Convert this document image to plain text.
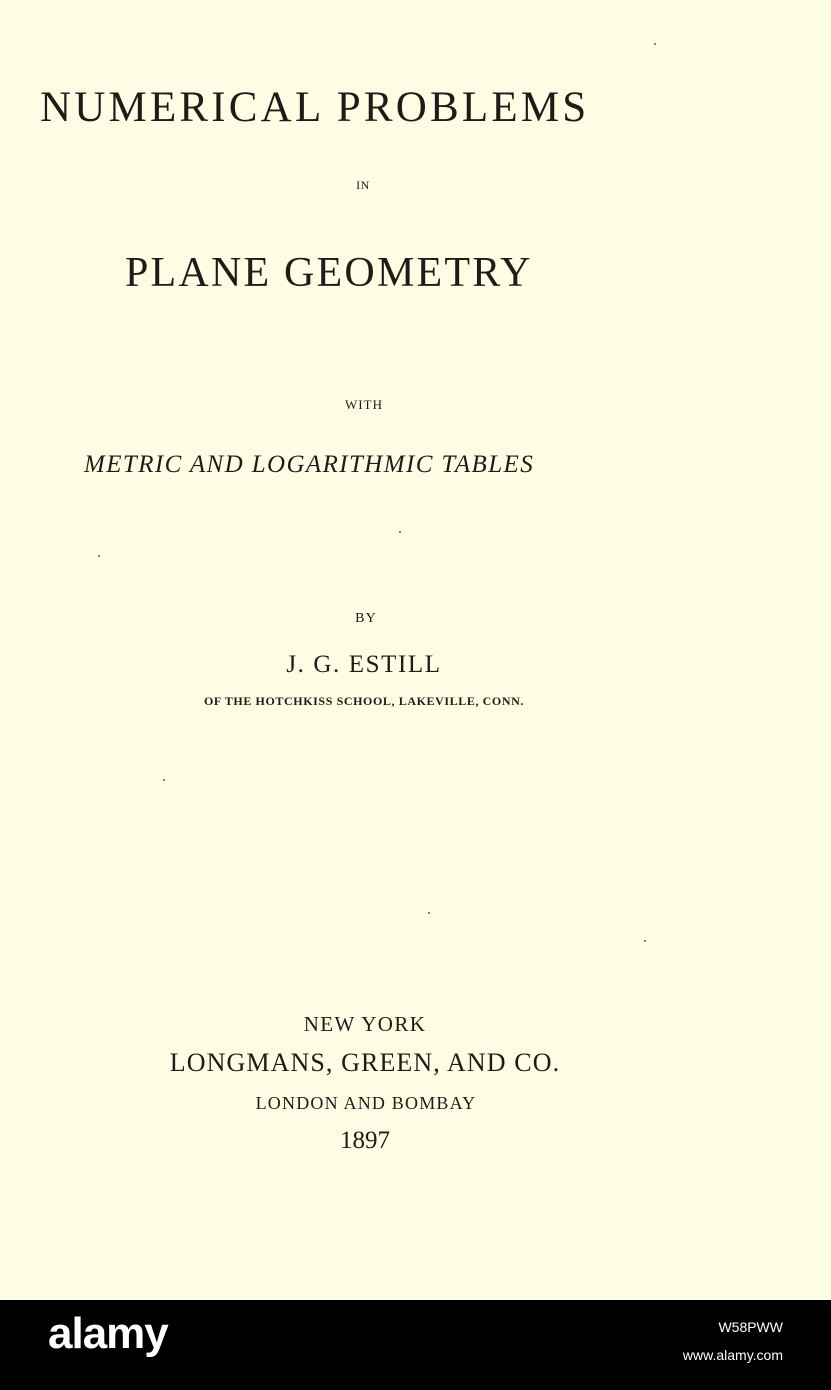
NUMERICAL PROBLEMS
IN
PLANE GEOMETRY
WITH
METRIC AND LOGARITHMIC TABLES
BY
J. G. ESTILL
OF THE HOTCHKISS SCHOOL, LAKEVILLE, CONN.
NEW YORK
LONGMANS, GREEN, AND CO.
LONDON AND BOMBAY
1897
alamy	W58PWW
www.alamy.com
